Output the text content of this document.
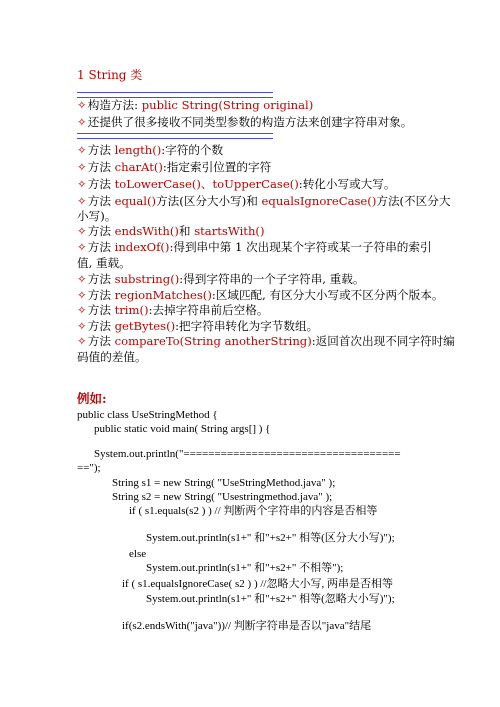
1 String 类
✧构造方法: public String(String original)
✧还提供了很多接收不同类型参数的构造方法来创建字符串对象。
✧方法 length():字符的个数
✧方法 charAt():指定索引位置的字符
✧方法 toLowerCase()、toUpperCase():转化小写或大写。
✧方法 equal()方法(区分大小写)和 equalsIgnoreCase()方法(不区分大
小写)。
✧方法 endsWith()和 startsWith()
✧方法 indexOf():得到串中第 1 次出现某个字符或某一子符串的索引
值, 重载。
✧方法 substring():得到字符串的一个子字符串, 重载。
✧方法 regionMatches():区域匹配, 有区分大小写或不区分两个版本。
✧方法 trim():去掉字符串前后空格。
✧方法 getBytes():把字符串转化为字节数组。
✧方法 compareTo(String anotherString):返回首次出现不同字符时编
码值的差值。
例如:
public class UseStringMethod {
public static void main( String args[] ) {
System.out.println("===================================
==");
String s1 = new String( "UseStringMethod.java" );
String s2 = new String( "Usestringmethod.java" );
if ( s1.equals(s2 ) ) // 判断两个字符串的内容是否相等
System.out.println(s1+" 和"+s2+" 相等(区分大小写)");
else
System.out.println(s1+" 和"+s2+" 不相等");
if ( s1.equalsIgnoreCase( s2 ) ) //忽略大小写, 两串是否相等
System.out.println(s1+" 和"+s2+" 相等(忽略大小写)");
if(s2.endsWith("java"))// 判断字符串是否以"java"结尾
